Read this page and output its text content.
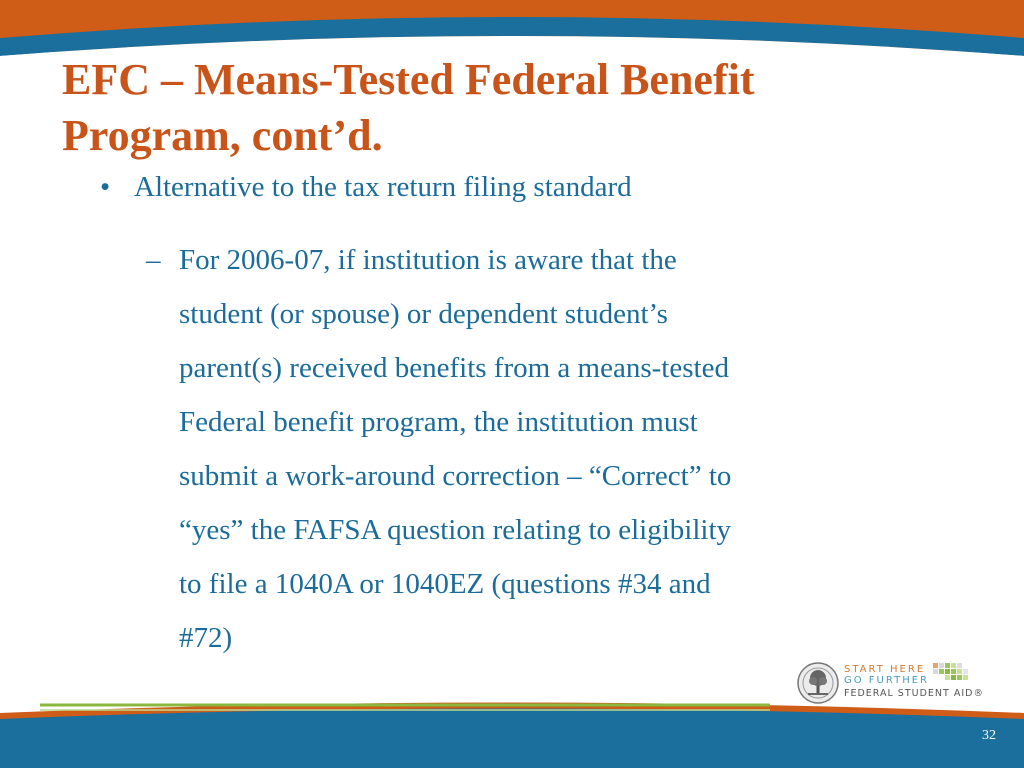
EFC – Means-Tested Federal Benefit
Program, cont’d.
• Alternative to the tax return filing standard
– For 2006-07, if institution is aware that the
student (or spouse) or dependent student’s
parent(s) received benefits from a means-tested
Federal benefit program, the institution must
submit a work-around correction – “Correct” to
“yes” the FAFSA question relating to eligibility
to file a 1040A or 1040EZ (questions #34 and
#72)
START HERE
GO FURTHER
FEDERAL STUDENT AID®
32
